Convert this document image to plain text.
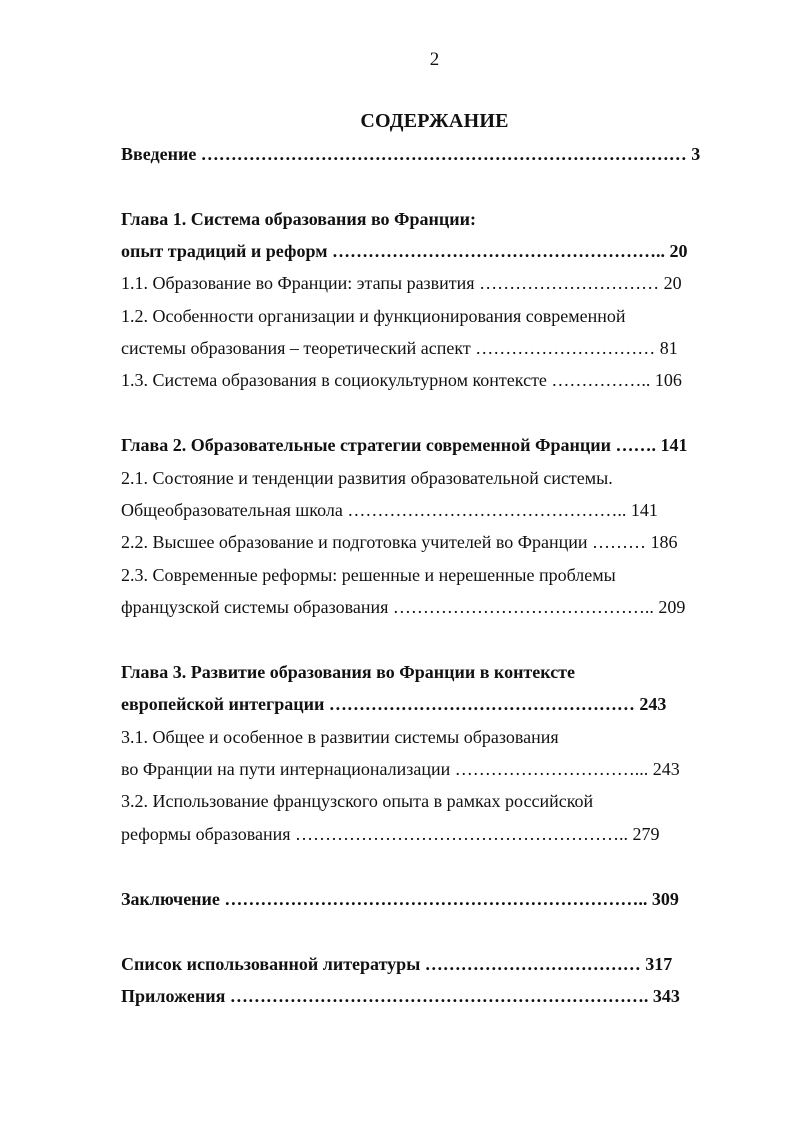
2
СОДЕРЖАНИЕ
Введение ……………………………………………………………………… 3
Глава 1. Система образования во Франции:
опыт традиций и реформ ……………………………………………….. 20
1.1. Образование во Франции: этапы развития ………………………… 20
1.2. Особенности организации и функционирования современной
системы образования – теоретический аспект ………………………… 81
1.3. Система образования в социокультурном контексте …………….. 106
Глава 2. Образовательные стратегии современной Франции ……. 141
2.1. Состояние и тенденции развития образовательной системы.
Общеобразовательная школа ……………………………………….. 141
2.2. Высшее образование и подготовка учителей во Франции ……… 186
2.3. Современные реформы: решенные и нерешенные проблемы
французской системы образования …………………………………….. 209
Глава 3. Развитие образования во Франции в контексте
европейской интеграции …………………………………………… 243
3.1. Общее и особенное в развитии системы образования
во Франции на пути интернационализации …………………………... 243
3.2. Использование французского опыта в рамках российской
реформы образования ……………………………………………….. 279
Заключение …………………………………………………………….. 309
Список использованной литературы ……………………………… 317
Приложения ……………………………………………………………. 343
